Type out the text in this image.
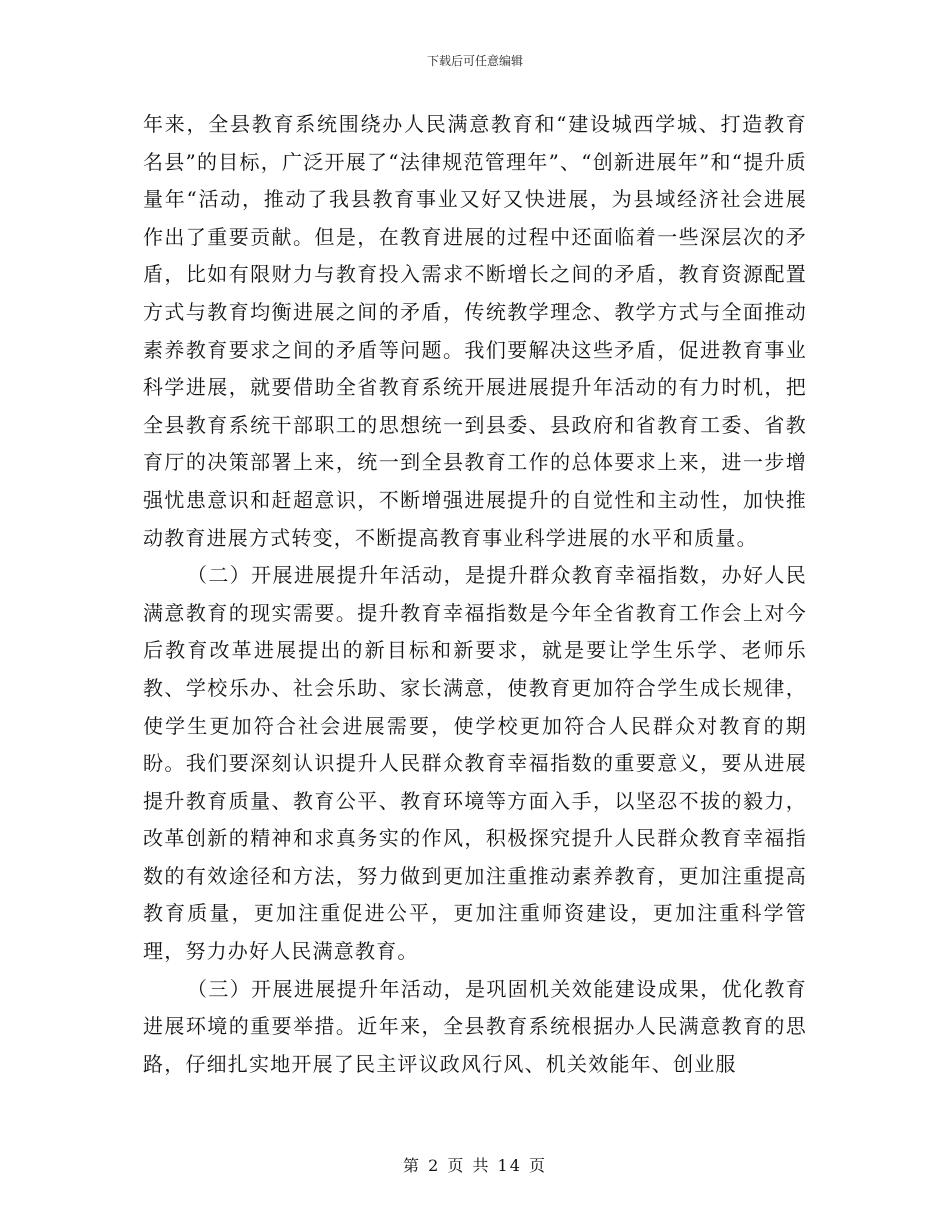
下载后可任意编辑

年来，全县教育系统围绕办人民满意教育和“建设城西学城、打造教育名县”的目标，广泛开展了“法律规范管理年”、“创新进展年”和“提升质量年“活动，推动了我县教育事业又好又快进展，为县域经济社会进展作出了重要贡献。但是，在教育进展的过程中还面临着一些深层次的矛盾，比如有限财力与教育投入需求不断增长之间的矛盾，教育资源配置方式与教育均衡进展之间的矛盾，传统教学理念、教学方式与全面推动素养教育要求之间的矛盾等问题。我们要解决这些矛盾，促进教育事业科学进展，就要借助全省教育系统开展进展提升年活动的有力时机，把全县教育系统干部职工的思想统一到县委、县政府和省教育工委、省教育厅的决策部署上来，统一到全县教育工作的总体要求上来，进一步增强忧患意识和赶超意识，不断增强进展提升的自觉性和主动性，加快推动教育进展方式转变，不断提高教育事业科学进展的水平和质量。

（二）开展进展提升年活动，是提升群众教育幸福指数，办好人民满意教育的现实需要。提升教育幸福指数是今年全省教育工作会上对今后教育改革进展提出的新目标和新要求，就是要让学生乐学、老师乐教、学校乐办、社会乐助、家长满意，使教育更加符合学生成长规律，使学生更加符合社会进展需要，使学校更加符合人民群众对教育的期盼。我们要深刻认识提升人民群众教育幸福指数的重要意义，要从进展提升教育质量、教育公平、教育环境等方面入手，以坚忍不拔的毅力，改革创新的精神和求真务实的作风，积极探究提升人民群众教育幸福指数的有效途径和方法，努力做到更加注重推动素养教育，更加注重提高教育质量，更加注重促进公平，更加注重师资建设，更加注重科学管理，努力办好人民满意教育。

（三）开展进展提升年活动，是巩固机关效能建设成果，优化教育进展环境的重要举措。近年来，全县教育系统根据办人民满意教育的思路，仔细扎实地开展了民主评议政风行风、机关效能年、创业服

第 2 页 共 14 页
